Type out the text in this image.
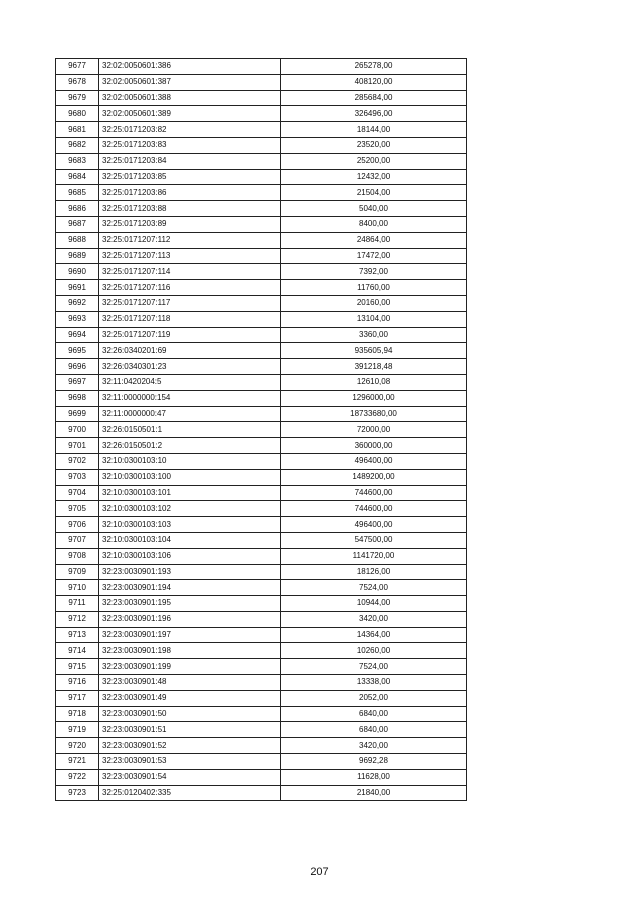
9677	32:02:0050601:386	265278,00
9678	32:02:0050601:387	408120,00
9679	32:02:0050601:388	285684,00
9680	32:02:0050601:389	326496,00
9681	32:25:0171203:82	18144,00
9682	32:25:0171203:83	23520,00
9683	32:25:0171203:84	25200,00
9684	32:25:0171203:85	12432,00
9685	32:25:0171203:86	21504,00
9686	32:25:0171203:88	5040,00
9687	32:25:0171203:89	8400,00
9688	32:25:0171207:112	24864,00
9689	32:25:0171207:113	17472,00
9690	32:25:0171207:114	7392,00
9691	32:25:0171207:116	11760,00
9692	32:25:0171207:117	20160,00
9693	32:25:0171207:118	13104,00
9694	32:25:0171207:119	3360,00
9695	32:26:0340201:69	935605,94
9696	32:26:0340301:23	391218,48
9697	32:11:0420204:5	12610,08
9698	32:11:0000000:154	1296000,00
9699	32:11:0000000:47	18733680,00
9700	32:26:0150501:1	72000,00
9701	32:26:0150501:2	360000,00
9702	32:10:0300103:10	496400,00
9703	32:10:0300103:100	1489200,00
9704	32:10:0300103:101	744600,00
9705	32:10:0300103:102	744600,00
9706	32:10:0300103:103	496400,00
9707	32:10:0300103:104	547500,00
9708	32:10:0300103:106	1141720,00
9709	32:23:0030901:193	18126,00
9710	32:23:0030901:194	7524,00
9711	32:23:0030901:195	10944,00
9712	32:23:0030901:196	3420,00
9713	32:23:0030901:197	14364,00
9714	32:23:0030901:198	10260,00
9715	32:23:0030901:199	7524,00
9716	32:23:0030901:48	13338,00
9717	32:23:0030901:49	2052,00
9718	32:23:0030901:50	6840,00
9719	32:23:0030901:51	6840,00
9720	32:23:0030901:52	3420,00
9721	32:23:0030901:53	9692,28
9722	32:23:0030901:54	11628,00
9723	32:25:0120402:335	21840,00
207
